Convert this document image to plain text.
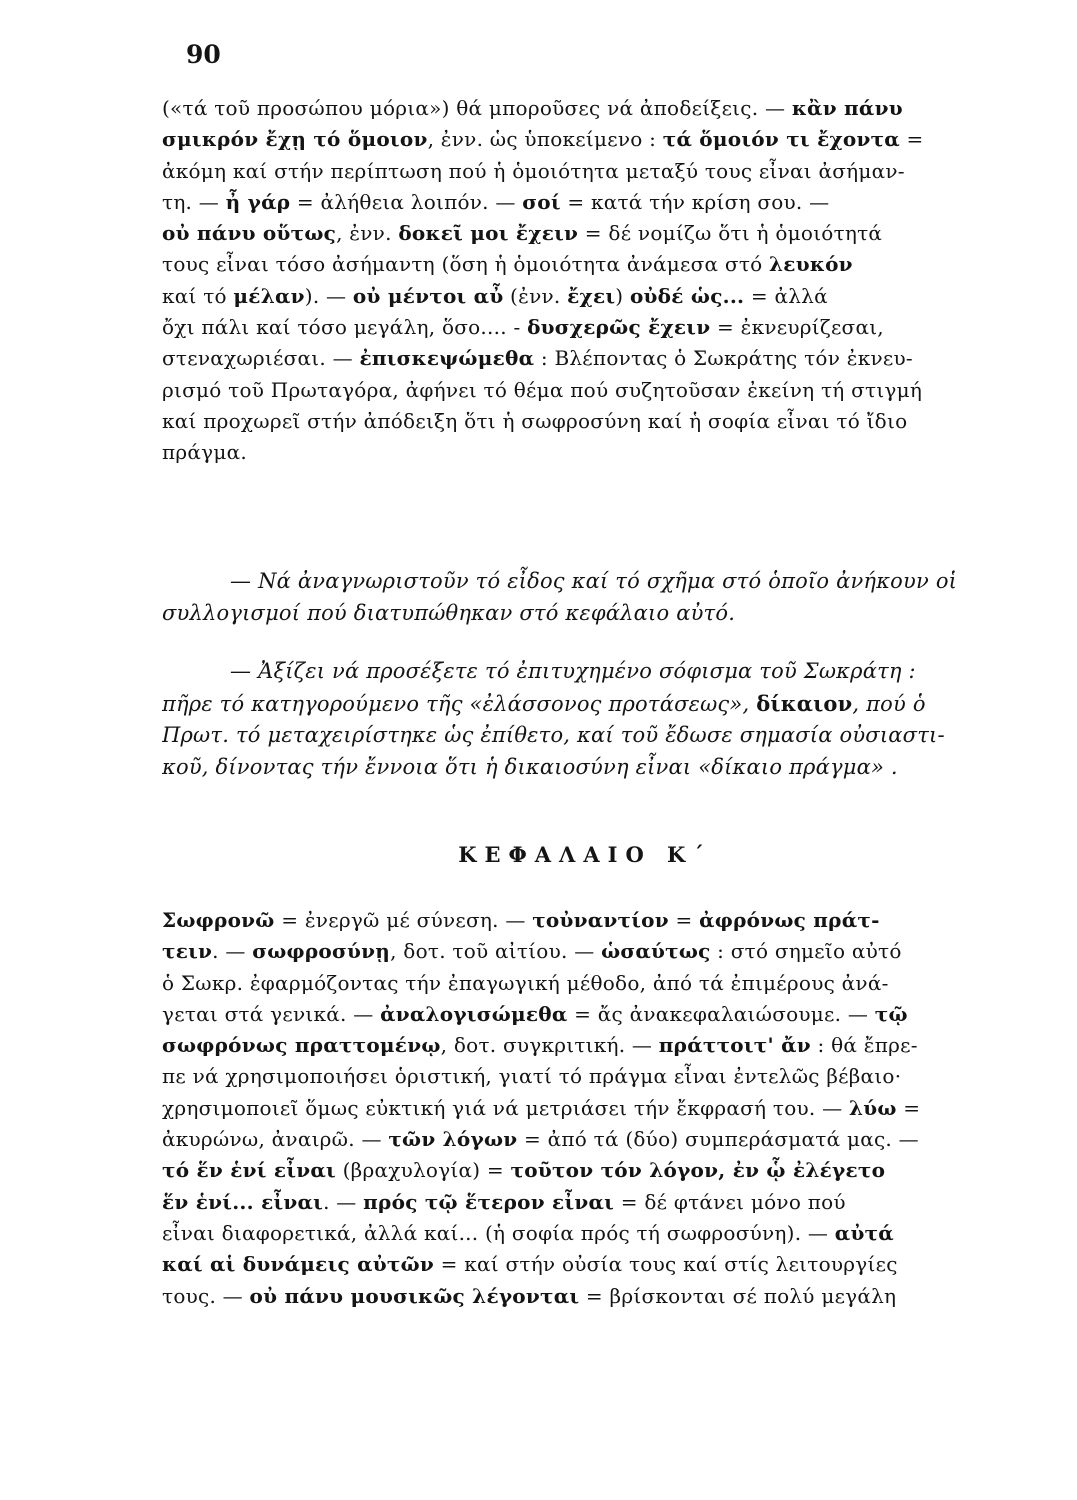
90
(«τά τοῦ προσώπου μόρια») θά μποροῦσες νά ἀποδείξεις. — κἂν πάνυ
σμικρόν ἔχῃ τό ὅμοιον, ἐνν. ὡς ὑποκείμενο : τά ὅμοιόν τι ἔχοντα =
ἀκόμη καί στήν περίπτωση πού ἡ ὁμοιότητα μεταξύ τους εἶναι ἀσήμαν-
τη. — ἦ γάρ = ἀλήθεια λοιπόν. — σοί = κατά τήν κρίση σου. —
οὐ πάνυ οὕτως, ἐνν. δοκεῖ μοι ἔχειν = δέ νομίζω ὅτι ἡ ὁμοιότητά
τους εἶναι τόσο ἀσήμαντη (ὅση ἡ ὁμοιότητα ἀνάμεσα στό λευκόν
καί τό μέλαν). — οὐ μέντοι αὖ (ἐνν. ἔχει) οὐδέ ὡς... = ἀλλά
ὄχι πάλι καί τόσο μεγάλη, ὅσο.... - δυσχερῶς ἔχειν = ἐκνευρίζεσαι,
στεναχωριέσαι. — ἐπισκεψώμεθα : Βλέποντας ὁ Σωκράτης τόν ἐκνευ-
ρισμό τοῦ Πρωταγόρα, ἀφήνει τό θέμα πού συζητοῦσαν ἐκείνη τή στιγμή
καί προχωρεῖ στήν ἀπόδειξη ὅτι ἡ σωφροσύνη καί ἡ σοφία εἶναι τό ἴδιο
πράγμα.
— Νά ἀναγνωριστοῦν τό εἶδος καί τό σχῆμα στό ὁποῖο ἀνήκουν οἱ
συλλογισμοί πού διατυπώθηκαν στό κεφάλαιο αὐτό.
— Ἀξίζει νά προσέξετε τό ἐπιτυχημένο σόφισμα τοῦ Σωκράτη :
πῆρε τό κατηγορούμενο τῆς «ἐλάσσονος προτάσεως», δίκαιον, πού ὁ
Πρωτ. τό μεταχειρίστηκε ὡς ἐπίθετο, καί τοῦ ἔδωσε σημασία οὐσιαστι-
κοῦ, δίνοντας τήν ἔννοια ὅτι ἡ δικαιοσύνη εἶναι «δίκαιο πράγμα» .
ΚΕΦΑΛΑΙΟ Κ΄
Σωφρονῶ = ἐνεργῶ μέ σύνεση. — τοὐναντίον = ἀφρόνως πράτ-
τειν. — σωφροσύνῃ, δοτ. τοῦ αἰτίου. — ὡσαύτως : στό σημεῖο αὐτό
ὁ Σωκρ. ἐφαρμόζοντας τήν ἐπαγωγική μέθοδο, ἀπό τά ἐπιμέρους ἀνά-
γεται στά γενικά. — ἀναλογισώμεθα = ἄς ἀνακεφαλαιώσουμε. — τῷ
σωφρόνως πραττομένῳ, δοτ. συγκριτική. — πράττοιτ' ἄν : θά ἔπρε-
πε νά χρησιμοποιήσει ὁριστική, γιατί τό πράγμα εἶναι ἐντελῶς βέβαιο·
χρησιμοποιεῖ ὅμως εὐκτική γιά νά μετριάσει τήν ἔκφρασή του. — λύω =
ἀκυρώνω, ἀναιρῶ. — τῶν λόγων = ἀπό τά (δύο) συμπεράσματά μας. —
τό ἕν ἑνί εἶναι (βραχυλογία) = τοῦτον τόν λόγον, ἐν ᾧ ἐλέγετο
ἕν ἑνί... εἶναι. — πρός τῷ ἕτερον εἶναι = δέ φτάνει μόνο πού
εἶναι διαφορετικά, ἀλλά καί... (ἡ σοφία πρός τή σωφροσύνη). — αὐτά
καί αἱ δυνάμεις αὐτῶν = καί στήν οὐσία τους καί στίς λειτουργίες
τους. — οὐ πάνυ μουσικῶς λέγονται = βρίσκονται σέ πολύ μεγάλη
